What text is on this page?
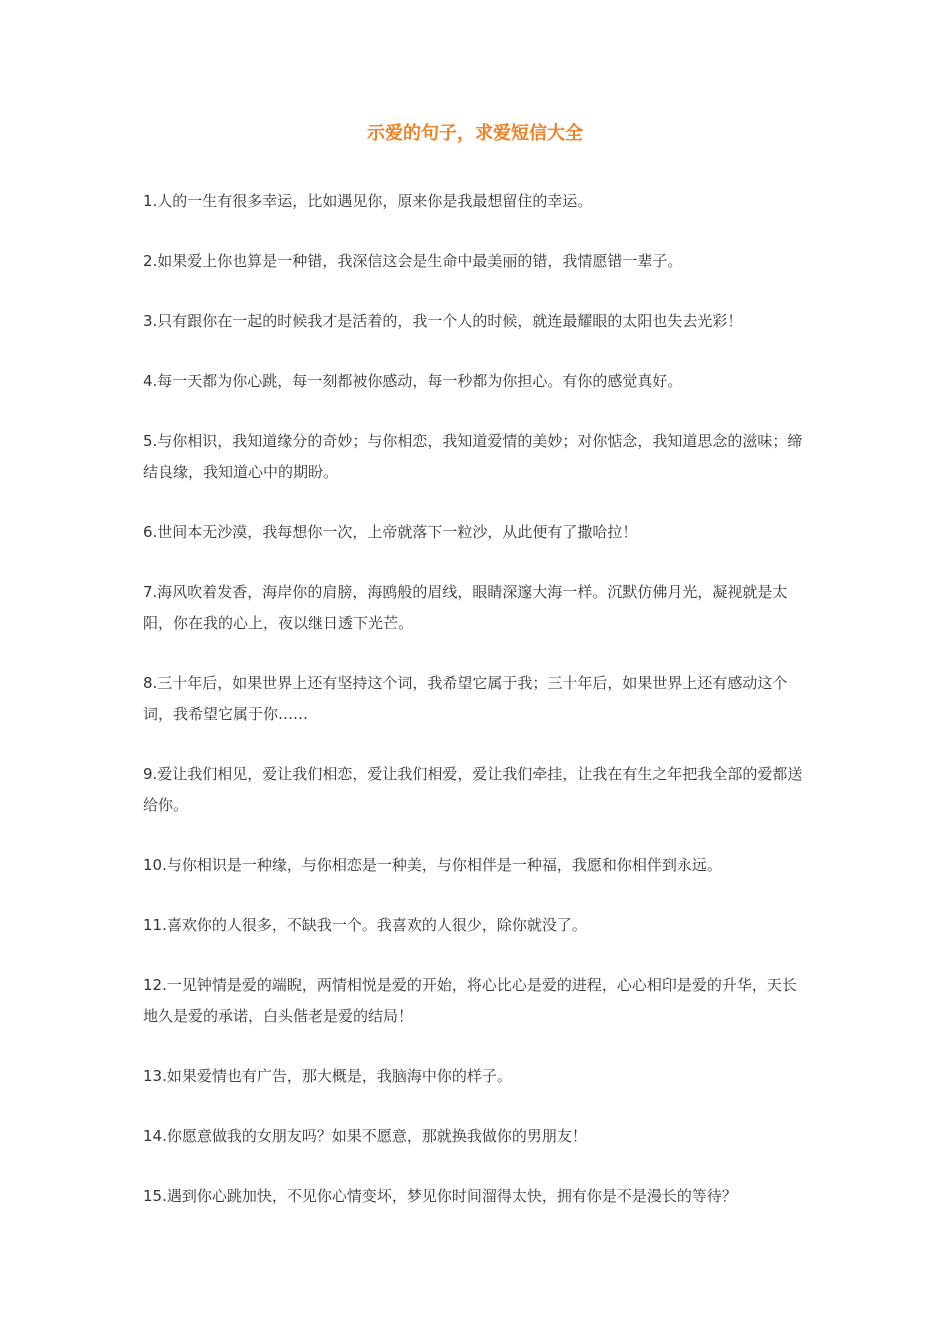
示爱的句子，求爱短信大全
1.人的一生有很多幸运，比如遇见你，原来你是我最想留住的幸运。
2.如果爱上你也算是一种错，我深信这会是生命中最美丽的错，我情愿错一辈子。
3.只有跟你在一起的时候我才是活着的，我一个人的时候，就连最耀眼的太阳也失去光彩！
4.每一天都为你心跳，每一刻都被你感动，每一秒都为你担心。有你的感觉真好。
5.与你相识，我知道缘分的奇妙；与你相恋，我知道爱情的美妙；对你惦念，我知道思念的滋味；缔结良缘，我知道心中的期盼。
6.世间本无沙漠，我每想你一次，上帝就落下一粒沙，从此便有了撒哈拉！
7.海风吹着发香，海岸你的肩膀，海鸥般的眉线，眼睛深邃大海一样。沉默仿佛月光，凝视就是太阳，你在我的心上，夜以继日透下光芒。
8.三十年后，如果世界上还有坚持这个词，我希望它属于我；三十年后，如果世界上还有感动这个词，我希望它属于你……
9.爱让我们相见，爱让我们相恋，爱让我们相爱，爱让我们牵挂，让我在有生之年把我全部的爱都送给你。
10.与你相识是一种缘，与你相恋是一种美，与你相伴是一种福，我愿和你相伴到永远。
11.喜欢你的人很多，不缺我一个。我喜欢的人很少，除你就没了。
12.一见钟情是爱的端睨，两情相悦是爱的开始，将心比心是爱的进程，心心相印是爱的升华，天长地久是爱的承诺，白头偕老是爱的结局！
13.如果爱情也有广告，那大概是，我脑海中你的样子。
14.你愿意做我的女朋友吗？如果不愿意，那就换我做你的男朋友！
15.遇到你心跳加快，不见你心情变坏，梦见你时间溜得太快，拥有你是不是漫长的等待？
